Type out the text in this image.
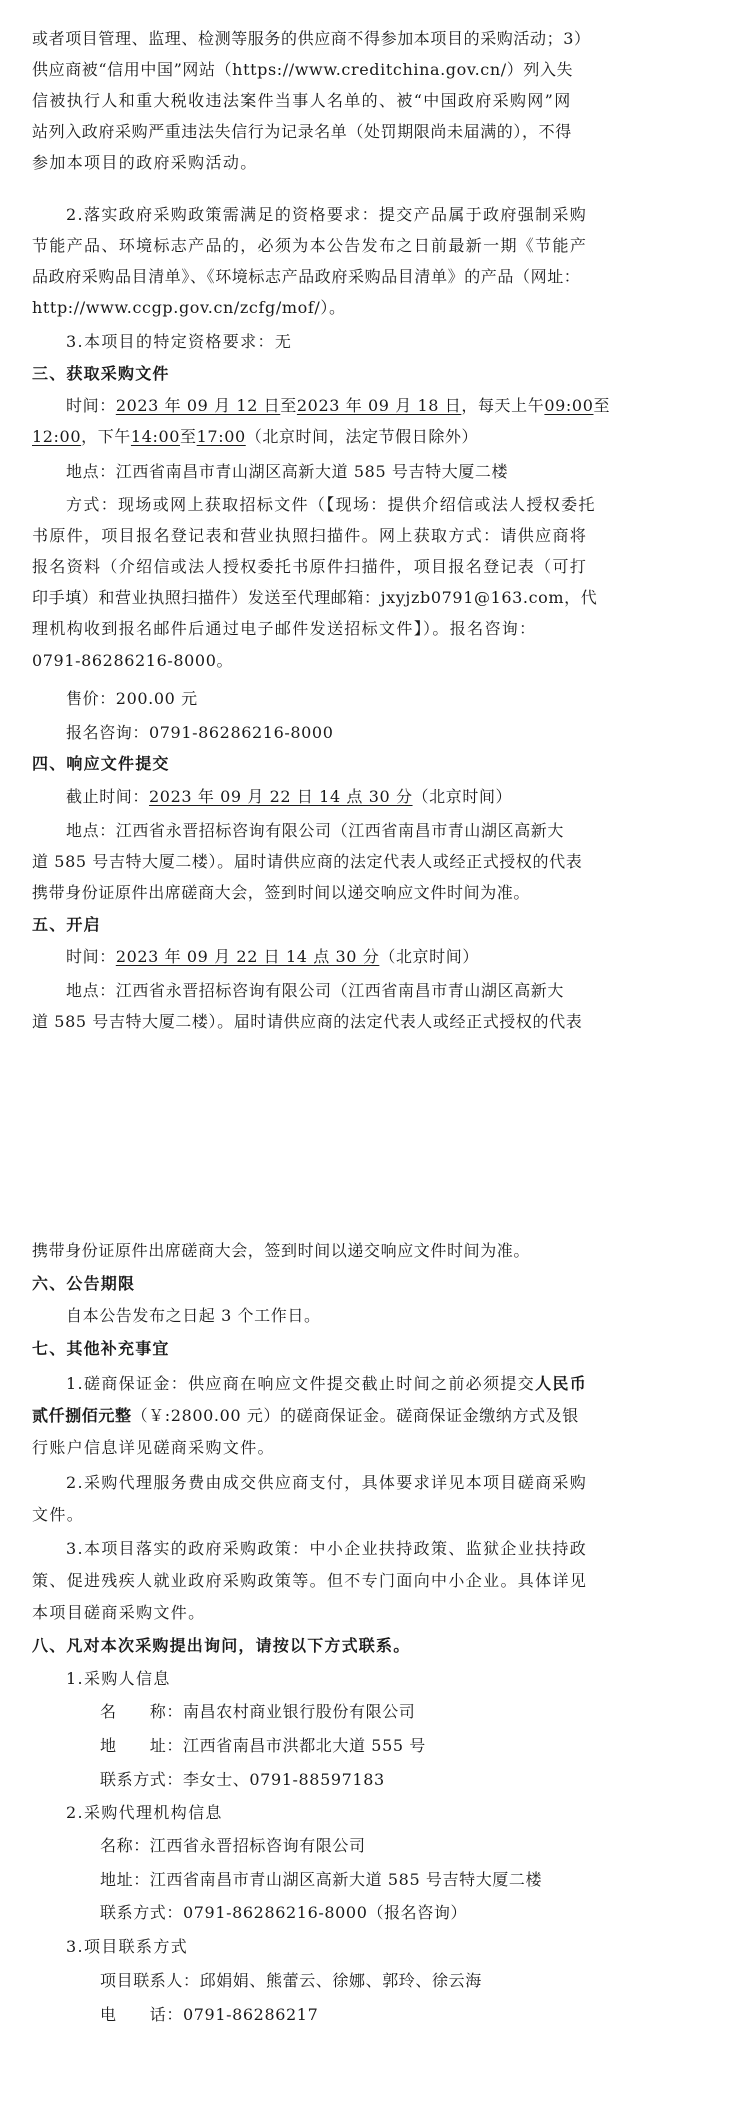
或者项目管理、监理、检测等服务的供应商不得参加本项目的采购活动；3）
供应商被“信用中国”网站（https://www.creditchina.gov.cn/）列入失
信被执行人和重大税收违法案件当事人名单的、被“中国政府采购网”网
站列入政府采购严重违法失信行为记录名单（处罚期限尚未届满的），不得
参加本项目的政府采购活动。
2.落实政府采购政策需满足的资格要求：提交产品属于政府强制采购
节能产品、环境标志产品的，必须为本公告发布之日前最新一期《节能产
品政府采购品目清单》、《环境标志产品政府采购品目清单》的产品（网址：
http://www.ccgp.gov.cn/zcfg/mof/）。
3.本项目的特定资格要求：无
三、获取采购文件
时间：2023 年 09 月 12 日至2023 年 09 月 18 日，每天上午09:00至
12:00，下午14:00至17:00（北京时间，法定节假日除外）
地点：江西省南昌市青山湖区高新大道 585 号吉特大厦二楼
方式：现场或网上获取招标文件（【现场：提供介绍信或法人授权委托
书原件，项目报名登记表和营业执照扫描件。网上获取方式：请供应商将
报名资料（介绍信或法人授权委托书原件扫描件，项目报名登记表（可打
印手填）和营业执照扫描件）发送至代理邮箱：jxyjzb0791@163.com，代
理机构收到报名邮件后通过电子邮件发送招标文件】）。报名咨询：
0791-86286216-8000。
售价：200.00 元
报名咨询：0791-86286216-8000
四、响应文件提交
截止时间：2023 年 09 月 22 日 14 点 30 分（北京时间）
地点：江西省永晋招标咨询有限公司（江西省南昌市青山湖区高新大
道 585 号吉特大厦二楼）。届时请供应商的法定代表人或经正式授权的代表
携带身份证原件出席磋商大会，签到时间以递交响应文件时间为准。
五、开启
时间：2023 年 09 月 22 日 14 点 30 分（北京时间）
地点：江西省永晋招标咨询有限公司（江西省南昌市青山湖区高新大
道 585 号吉特大厦二楼）。届时请供应商的法定代表人或经正式授权的代表
携带身份证原件出席磋商大会，签到时间以递交响应文件时间为准。
六、公告期限
自本公告发布之日起 3 个工作日。
七、其他补充事宜
1.磋商保证金：供应商在响应文件提交截止时间之前必须提交人民币
贰仟捌佰元整（￥:2800.00 元）的磋商保证金。磋商保证金缴纳方式及银
行账户信息详见磋商采购文件。
2.采购代理服务费由成交供应商支付，具体要求详见本项目磋商采购
文件。
3.本项目落实的政府采购政策：中小企业扶持政策、监狱企业扶持政
策、促进残疾人就业政府采购政策等。但不专门面向中小企业。具体详见
本项目磋商采购文件。
八、凡对本次采购提出询问，请按以下方式联系。
1.采购人信息
名　　称：南昌农村商业银行股份有限公司
地　　址：江西省南昌市洪都北大道 555 号
联系方式：李女士、0791-88597183
2.采购代理机构信息
名称：江西省永晋招标咨询有限公司
地址：江西省南昌市青山湖区高新大道 585 号吉特大厦二楼
联系方式：0791-86286216-8000（报名咨询）
3.项目联系方式
项目联系人：邱娟娟、熊蕾云、徐娜、郭玲、徐云海
电　　话：0791-86286217
